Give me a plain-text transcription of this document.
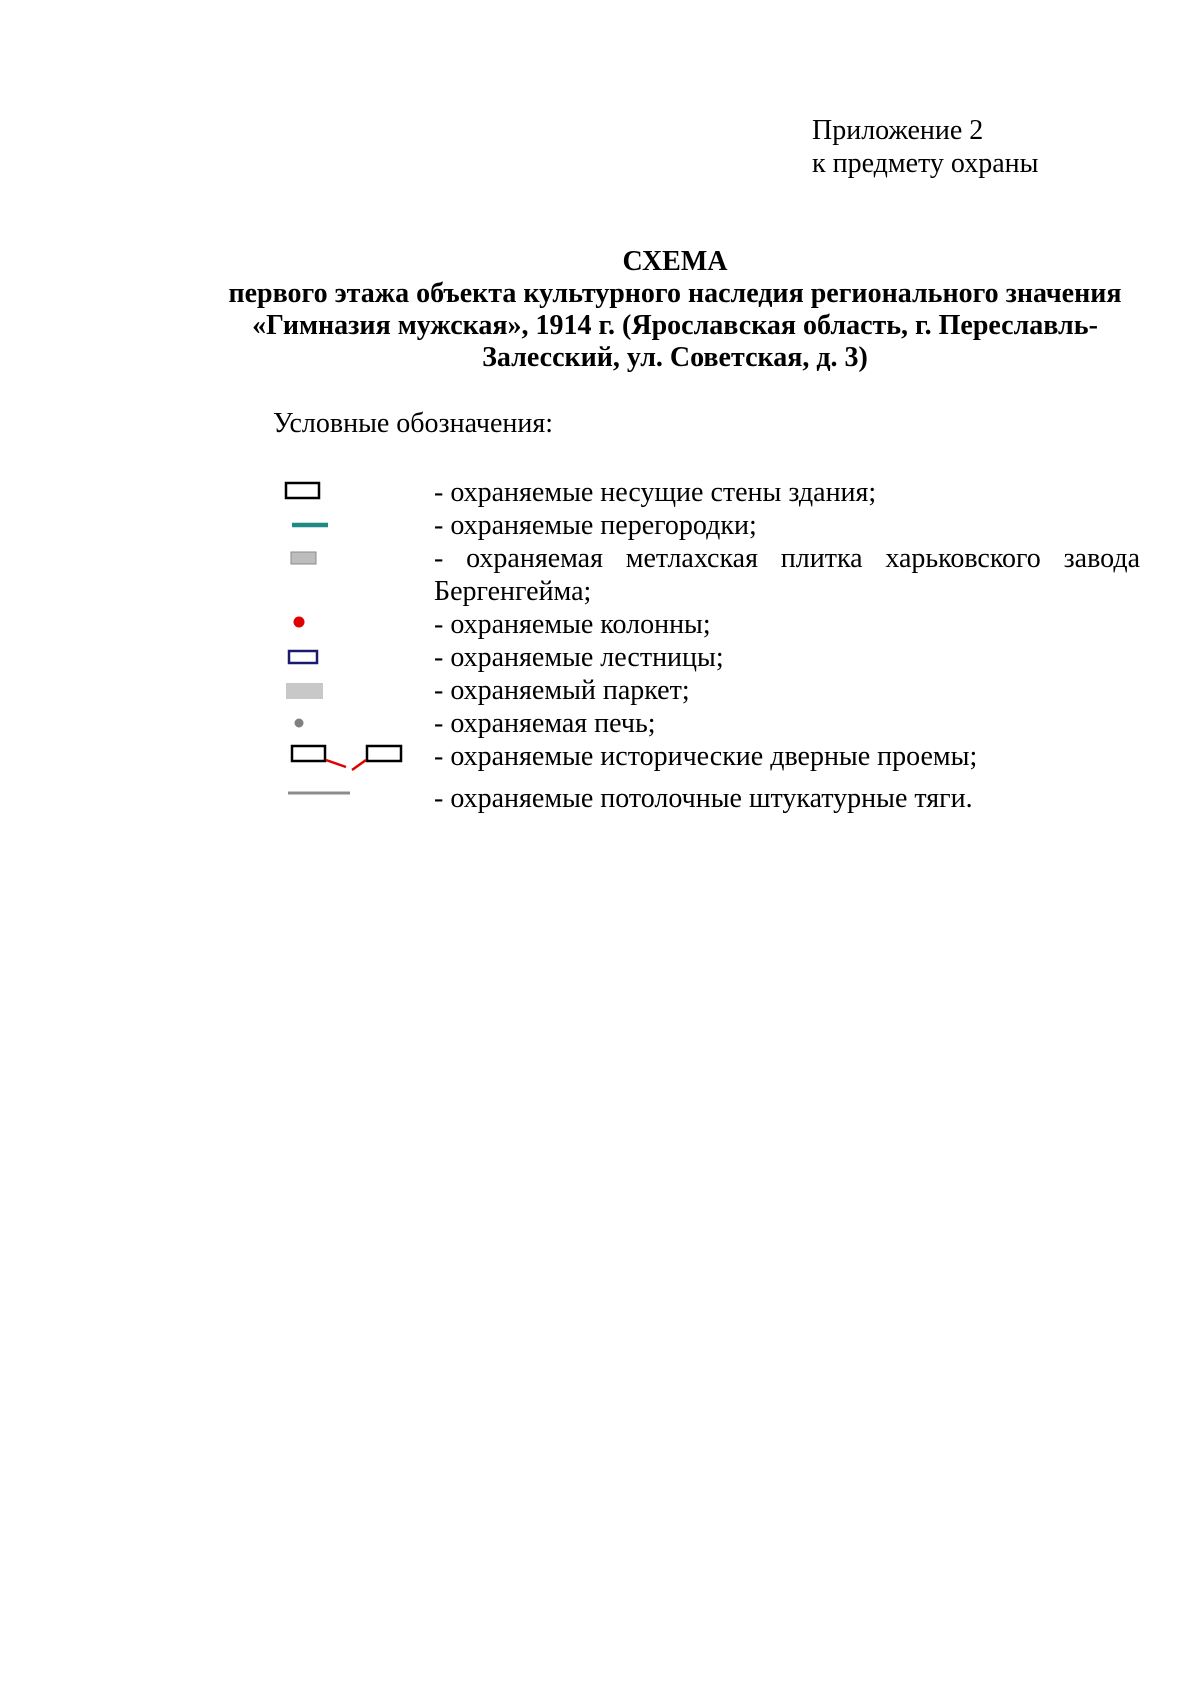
Приложение 2
к предмету охраны
СХЕМА
первого этажа объекта культурного наследия регионального значения
«Гимназия мужская», 1914 г. (Ярославская область, г. Переславль-
Залесский, ул. Советская, д. 3)
Условные обозначения:
- охраняемые несущие стены здания;
- охраняемые перегородки;
- охраняемая метлахская плитка харьковского завода
Бергенгейма;
- охраняемые колонны;
- охраняемые лестницы;
- охраняемый паркет;
- охраняемая печь;
- охраняемые исторические дверные проемы;
- охраняемые потолочные штукатурные тяги.
